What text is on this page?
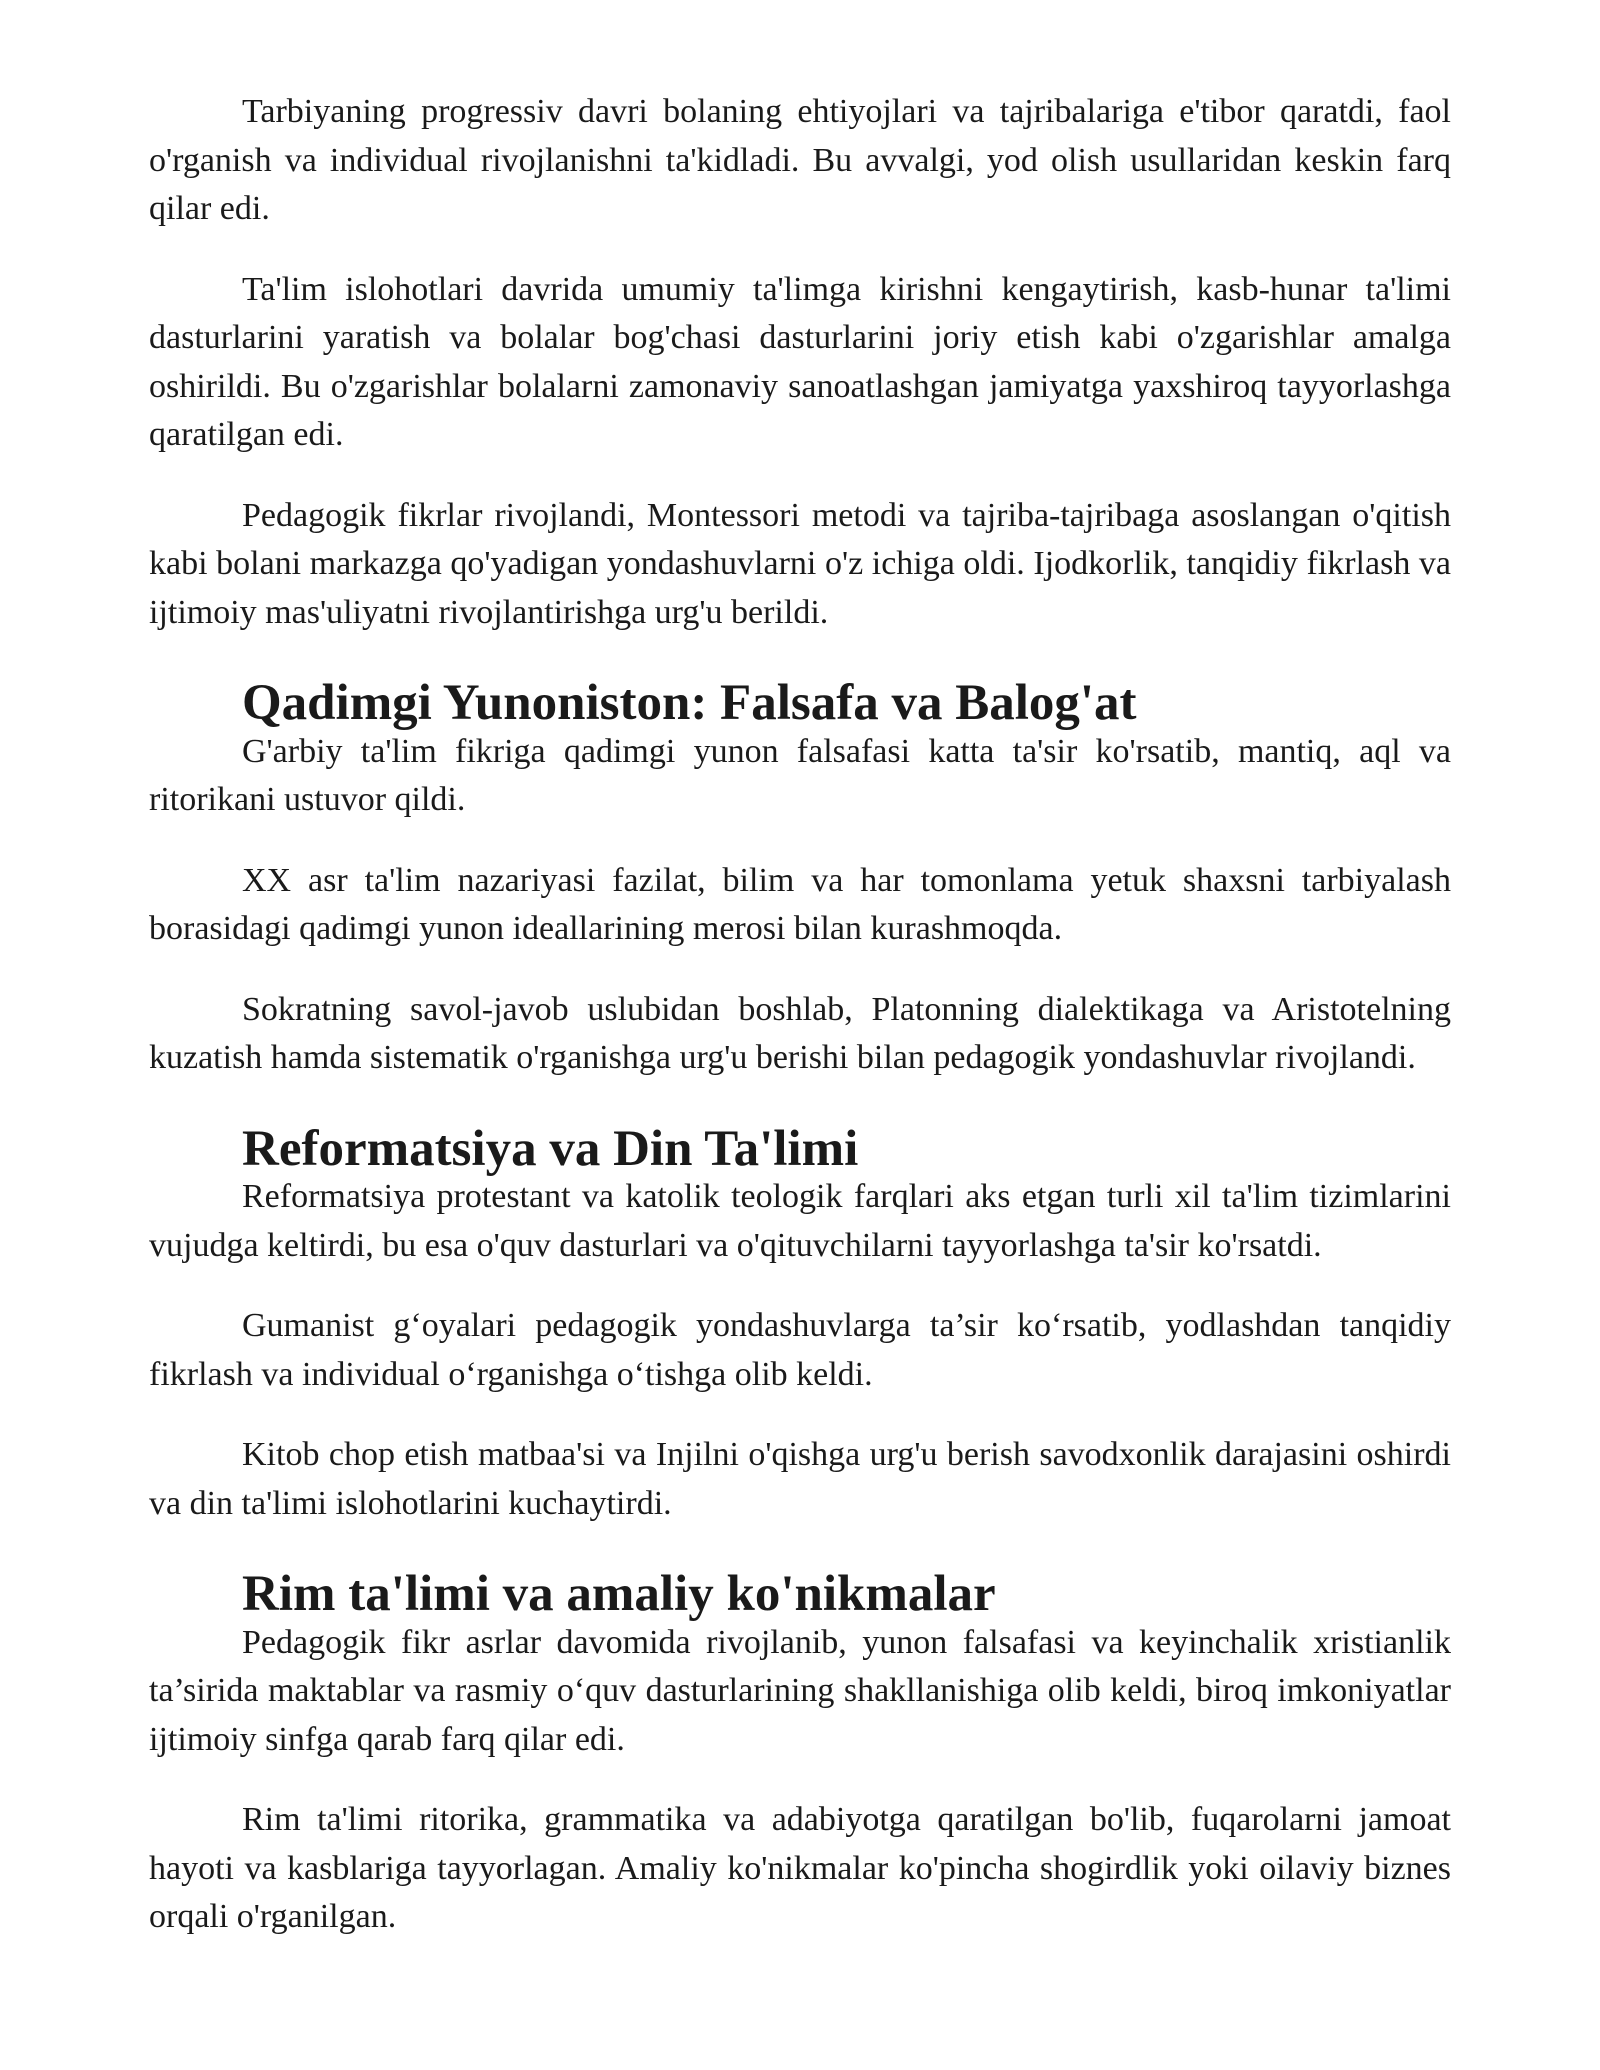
Tarbiyaning progressiv davri bolaning ehtiyojlari va tajribalariga e'tibor qaratdi, faol o'rganish va individual rivojlanishni ta'kidladi. Bu avvalgi, yod olish usullaridan keskin farq qilar edi.

Ta'lim islohotlari davrida umumiy ta'limga kirishni kengaytirish, kasb-hunar ta'limi dasturlarini yaratish va bolalar bog'chasi dasturlarini joriy etish kabi o'zgarishlar amalga oshirildi. Bu o'zgarishlar bolalarni zamonaviy sanoatlashgan jamiyatga yaxshiroq tayyorlashga qaratilgan edi.

Pedagogik fikrlar rivojlandi, Montessori metodi va tajriba-tajribaga asoslangan o'qitish kabi bolani markazga qo'yadigan yondashuvlarni o'z ichiga oldi. Ijodkorlik, tanqidiy fikrlash va ijtimoiy mas'uliyatni rivojlantirishga urg'u berildi.

Qadimgi Yunoniston: Falsafa va Balog'at

G'arbiy ta'lim fikriga qadimgi yunon falsafasi katta ta'sir ko'rsatib, mantiq, aql va ritorikani ustuvor qildi.

XX asr ta'lim nazariyasi fazilat, bilim va har tomonlama yetuk shaxsni tarbiyalash borasidagi qadimgi yunon ideallarining merosi bilan kurashmoqda.

Sokratning savol-javob uslubidan boshlab, Platonning dialektikaga va Aristotelning kuzatish hamda sistematik o'rganishga urg'u berishi bilan pedagogik yondashuvlar rivojlandi.

Reformatsiya va Din Ta'limi

Reformatsiya protestant va katolik teologik farqlari aks etgan turli xil ta'lim tizimlarini vujudga keltirdi, bu esa o'quv dasturlari va o'qituvchilarni tayyorlashga ta'sir ko'rsatdi.

Gumanist g‘oyalari pedagogik yondashuvlarga ta’sir ko‘rsatib, yodlashdan tanqidiy fikrlash va individual o‘rganishga o‘tishga olib keldi.

Kitob chop etish matbaa'si va Injilni o'qishga urg'u berish savodxonlik darajasini oshirdi va din ta'limi islohotlarini kuchaytirdi.

Rim ta'limi va amaliy ko'nikmalar

Pedagogik fikr asrlar davomida rivojlanib, yunon falsafasi va keyinchalik xristianlik ta’sirida maktablar va rasmiy o‘quv dasturlarining shakllanishiga olib keldi, biroq imkoniyatlar ijtimoiy sinfga qarab farq qilar edi.

Rim ta'limi ritorika, grammatika va adabiyotga qaratilgan bo'lib, fuqarolarni jamoat hayoti va kasblariga tayyorlagan. Amaliy ko'nikmalar ko'pincha shogirdlik yoki oilaviy biznes orqali o'rganilgan.
